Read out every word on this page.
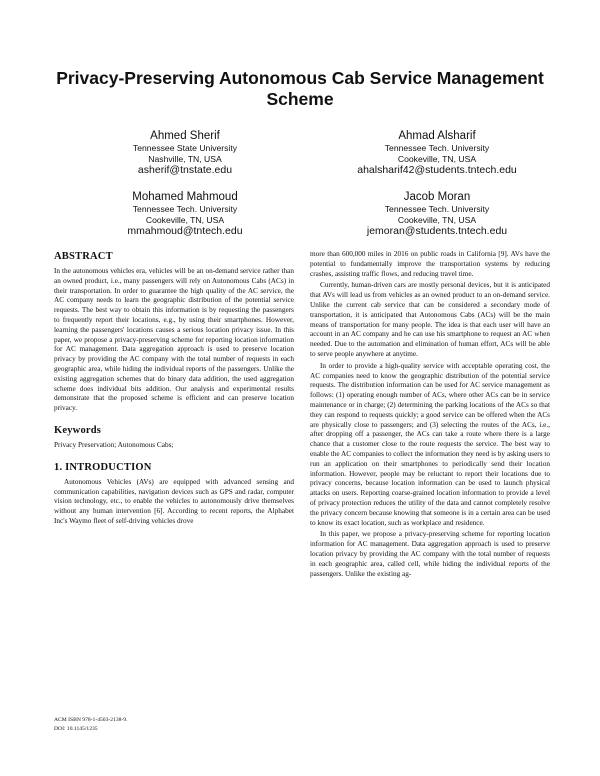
Privacy-Preserving Autonomous Cab Service Management Scheme
Ahmed Sherif
Tennessee State University
Nashville, TN, USA
asherif@tnstate.edu
Ahmad Alsharif
Tennessee Tech. University
Cookeville, TN, USA
ahalsharif42@students.tntech.edu
Mohamed Mahmoud
Tennessee Tech. University
Cookeville, TN, USA
mmahmoud@tntech.edu
Jacob Moran
Tennessee Tech. University
Cookeville, TN, USA
jemoran@students.tntech.edu
ABSTRACT

In the autonomous vehicles era, vehicles will be an on-demand service rather than an owned product, i.e., many passengers will rely on Autonomous Cabs (ACs) in their transportation. In order to guarantee the high quality of the AC service, the AC company needs to learn the geographic distribution of the potential service requests. The best way to obtain this information is by requesting the passengers to frequently report their locations, e.g., by using their smartphones. However, learning the passengers' locations causes a serious location privacy issue. In this paper, we propose a privacy-preserving scheme for reporting location information for AC management. Data aggregation approach is used to preserve location privacy by providing the AC company with the total number of requests in each geographic area, while hiding the individual reports of the passengers. Unlike the existing aggregation schemes that do binary data addition, the used aggregation scheme does individual bits addition. Our analysis and experimental results demonstrate that the proposed scheme is efficient and can preserve location privacy.

Keywords

Privacy Preservation; Autonomous Cabs;

1. INTRODUCTION

Autonomous Vehicles (AVs) are equipped with advanced sensing and communication capabilities, navigation devices such as GPS and radar, computer vision technology, etc., to enable the vehicles to autonomously drive themselves without any human intervention [6]. According to recent reports, the Alphabet Inc's Waymo fleet of self-driving vehicles drove

more than 600,000 miles in 2016 on public roads in California [9]. AVs have the potential to fundamentally improve the transportation systems by reducing crashes, assisting traffic flows, and reducing travel time.

Currently, human-driven cars are mostly personal devices, but it is anticipated that AVs will lead us from vehicles as an owned product to an on-demand service. Unlike the current cab service that can be considered a secondary mode of transportation, it is anticipated that Autonomous Cabs (ACs) will be the main means of transportation for many people. The idea is that each user will have an account in an AC company and he can use his smartphone to request an AC when needed. Due to the automation and elimination of human effort, ACs will be able to serve people anywhere at anytime.

In order to provide a high-quality service with acceptable operating cost, the AC companies need to know the geographic distribution of the potential service requests. The distribution information can be used for AC service management as follows: (1) operating enough number of ACs, where other ACs can be in service maintenance or in charge; (2) determining the parking locations of the ACs so that they can respond to requests quickly; a good service can be offered when the ACs are physically close to passengers; and (3) selecting the routes of the ACs, i.e., after dropping off a passenger, the ACs can take a route where there is a large chance that a customer close to the route requests the service. The best way to enable the AC companies to collect the information they need is by asking users to run an application on their smartphones to periodically send their location information. However, people may be reluctant to report their locations due to privacy concerns, because location information can be used to launch physical attacks on users. Reporting coarse-grained location information to provide a level of privacy protection reduces the utility of the data and cannot completely resolve the privacy concern because knowing that someone is in a certain area can be used to know its exact location, such as workplace and residence.

In this paper, we propose a privacy-preserving scheme for reporting location information for AC management. Data aggregation approach is used to preserve location privacy by providing the AC company with the total number of requests in each geographic area, called cell, while hiding the individual reports of the passengers. Unlike the existing ag-

ACM ISBN 978-1-4503-2138-9.
DOI: 10.1145/1235
